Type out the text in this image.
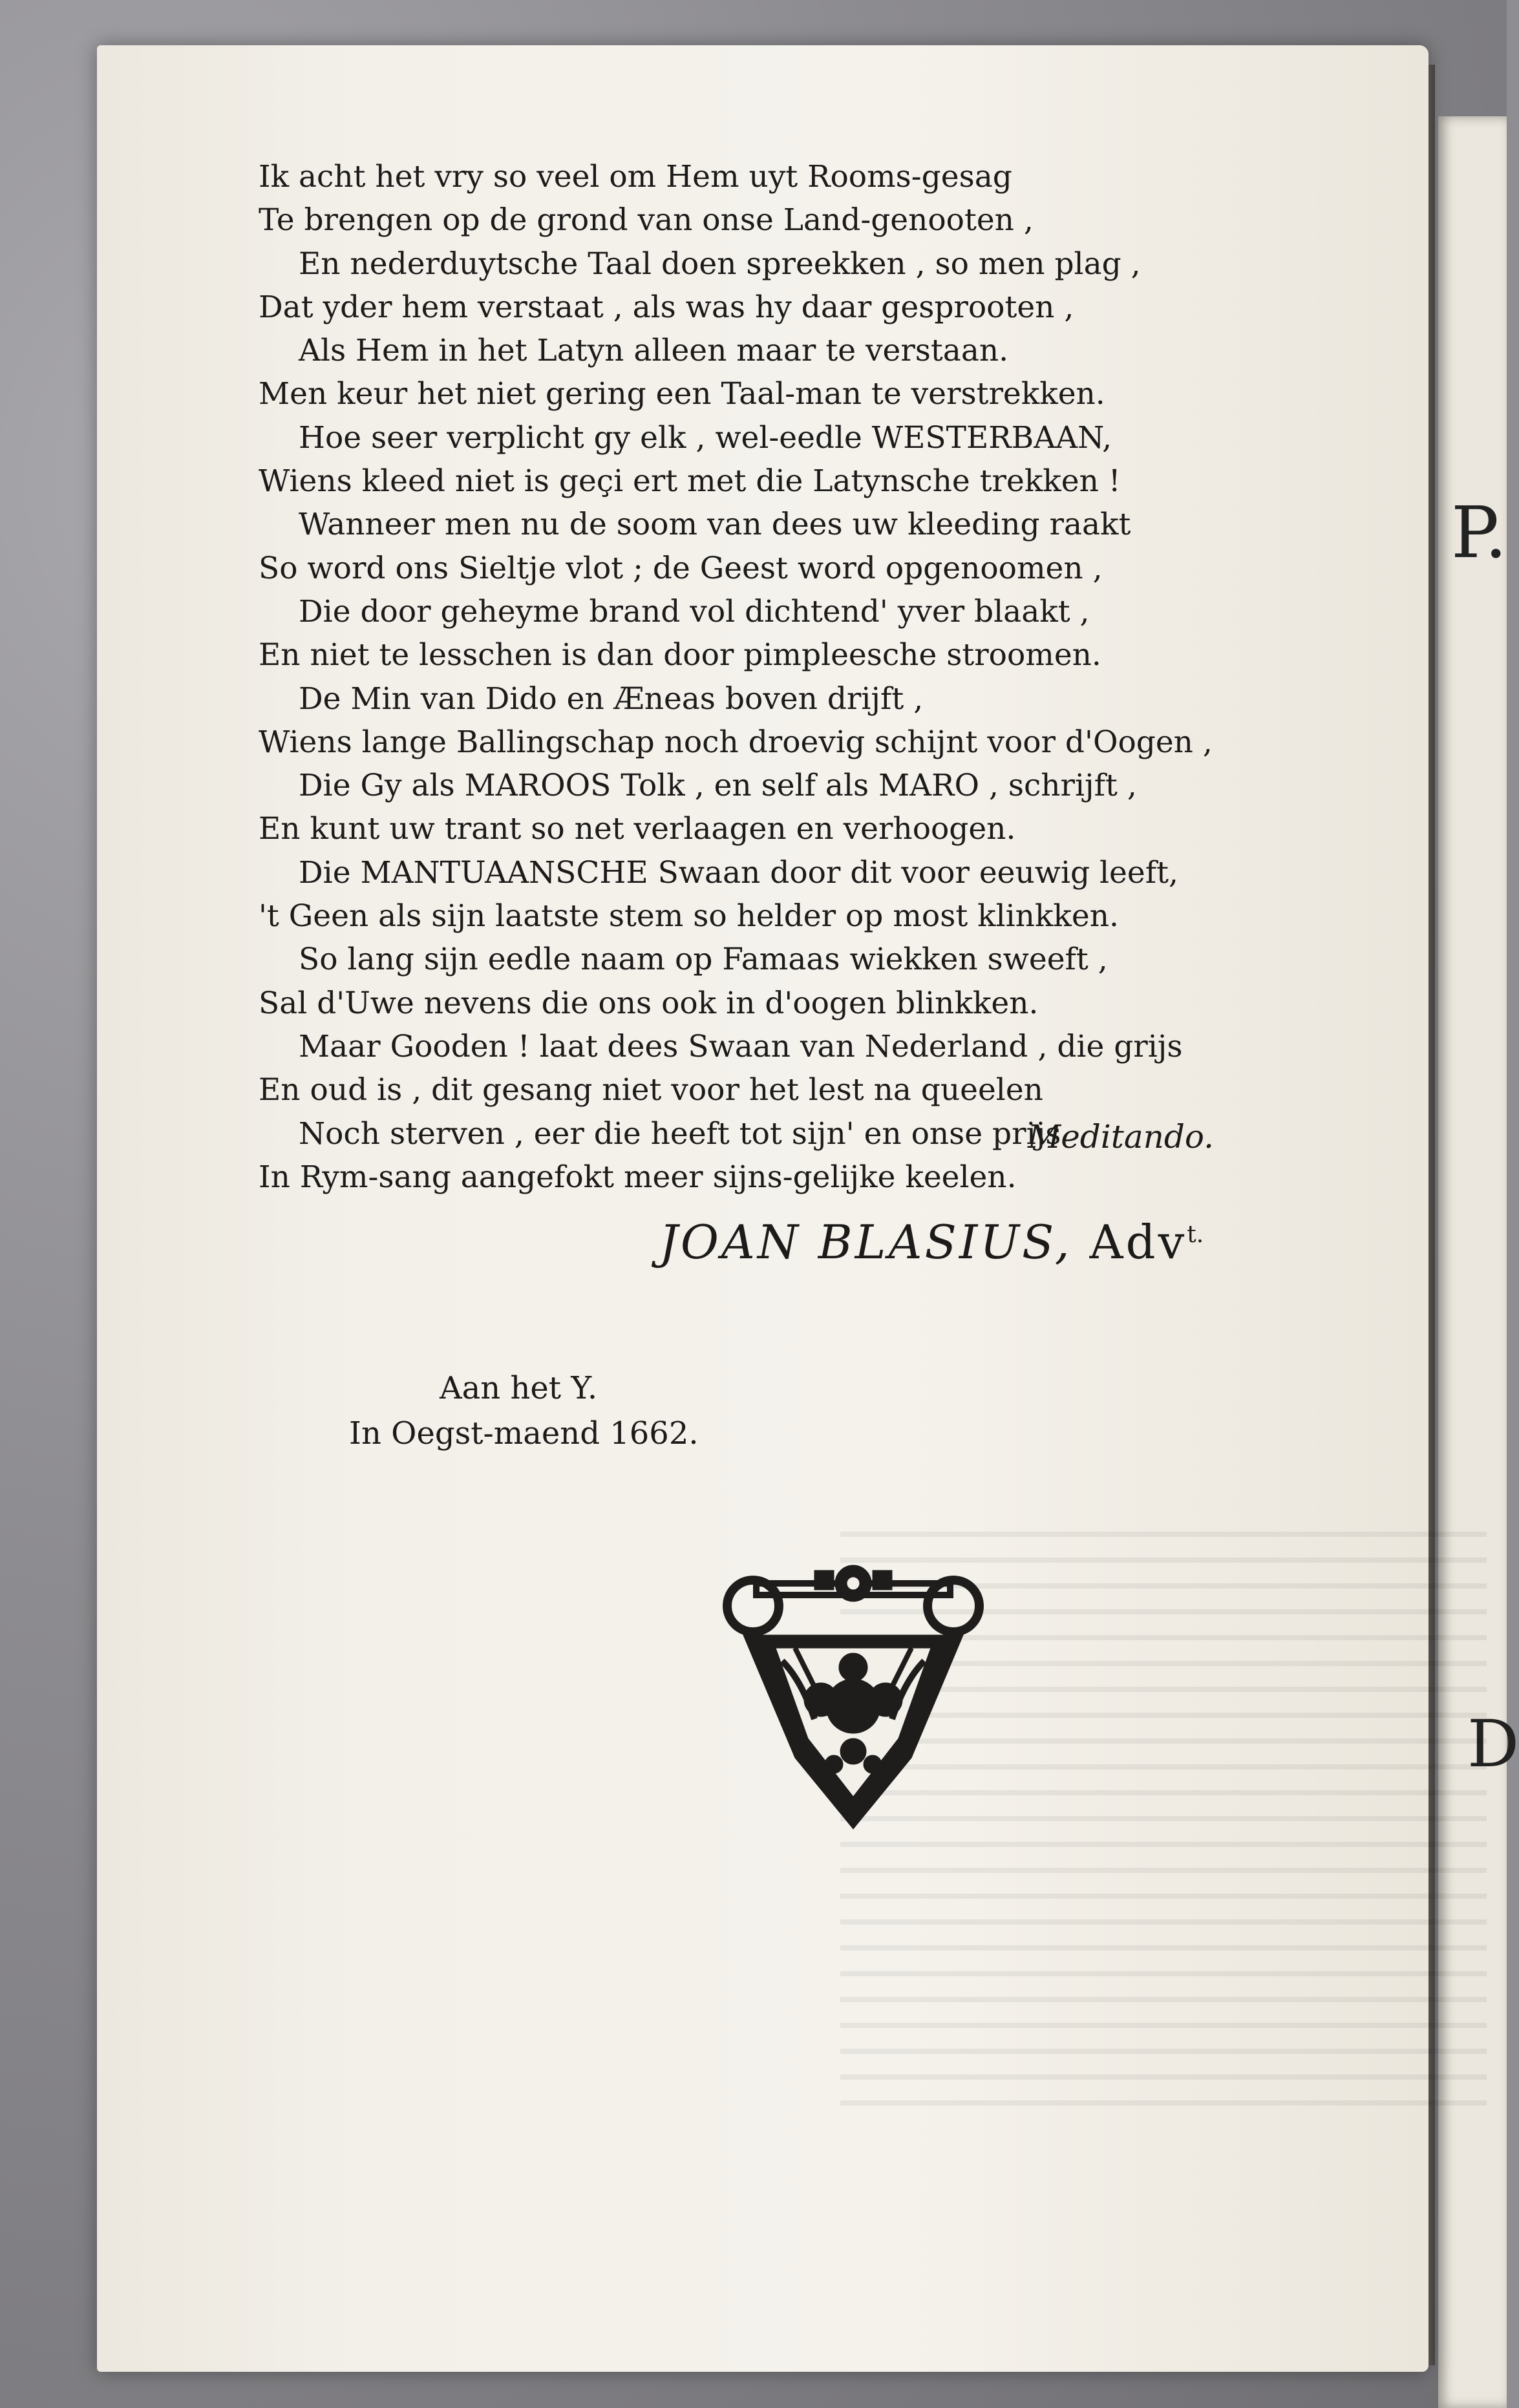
P.
D
Ik acht het vry so veel om Hem uyt Rooms-gesag
Te brengen op de grond van onse Land-genooten ,
En nederduytsche Taal doen spreekken , so men plag ,
Dat yder hem verstaat , als was hy daar gesprooten ,
Als Hem in het Latyn alleen maar te verstaan.
Men keur het niet gering een Taal-man te verstrekken.
Hoe seer verplicht gy elk , wel-eedle WESTERBAAN,
Wiens kleed niet is geçi ert met die Latynsche trekken !
Wanneer men nu de soom van dees uw kleeding raakt
So word ons Sieltje vlot ; de Geest word opgenoomen ,
Die door geheyme brand vol dichtend' yver blaakt ,
En niet te lesschen is dan door pimpleesche stroomen.
De Min van Dido en Æneas boven drijft ,
Wiens lange Ballingschap noch droevig schijnt voor d'Oogen ,
Die Gy als MAROOS Tolk , en self als MARO , schrijft ,
En kunt uw trant so net verlaagen en verhoogen.
Die MANTUAANSCHE Swaan door dit voor eeuwig leeft,
't Geen als sijn laatste stem so helder op most klinkken.
So lang sijn eedle naam op Famaas wiekken sweeft ,
Sal d'Uwe nevens die ons ook in d'oogen blinkken.
Maar Gooden ! laat dees Swaan van Nederland , die grijs
En oud is , dit gesang niet voor het lest na queelen
Noch sterven , eer die heeft tot sijn' en onse prijs
In Rym-sang aangefokt meer sijns-gelijke keelen.
Meditando.
JOAN BLASIUS, Adv$^{t.}$
Aan het Y.
In Oegst-maend 1662.
